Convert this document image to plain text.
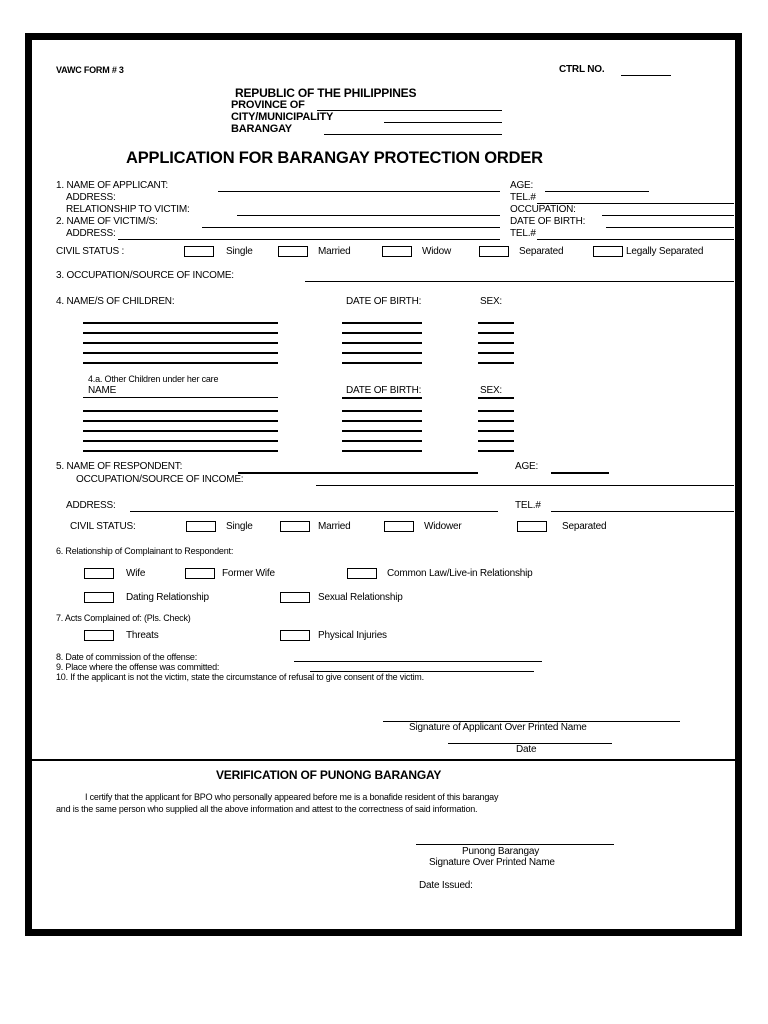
VAWC FORM # 3	CTRL NO.
REPUBLIC OF THE PHILIPPINES
PROVINCE OF
CITY/MUNICIPALITY
BARANGAY
APPLICATION FOR BARANGAY PROTECTION ORDER
1. NAME OF APPLICANT:	AGE:
ADDRESS:	TEL.#
RELATIONSHIP TO VICTIM:	OCCUPATION:
2. NAME OF VICTIM/S:	DATE OF BIRTH:
ADDRESS:	TEL.#
CIVIL STATUS :	Single	Married	Widow	Separated	Legally Separated
3. OCCUPATION/SOURCE OF INCOME:
4. NAME/S OF CHILDREN:	DATE OF BIRTH:	SEX:
4.a. Other Children under her care
NAME	DATE OF BIRTH:	SEX:
5. NAME OF RESPONDENT:	AGE:
OCCUPATION/SOURCE OF INCOME:
ADDRESS:	TEL.#
CIVIL STATUS:	Single	Married	Widower	Separated
6. Relationship of Complainant to Respondent:
Wife	Former Wife	Common Law/Live-in Relationship
Dating Relationship	Sexual Relationship
7. Acts Complained of: (Pls. Check)
Threats	Physical Injuries
8. Date of commission of the offense:
9. Place where the offense was committed:
10. If the applicant is not the victim, state the circumstance of refusal to give consent of the victim.
Signature of Applicant Over Printed Name
Date
VERIFICATION OF PUNONG BARANGAY
I certify that the applicant for BPO who personally appeared before me is a bonafide resident of this barangay
and is the same person who supplied all the above information and attest to the correctness of said information.
Punong Barangay
Signature Over Printed Name
Date Issued:
